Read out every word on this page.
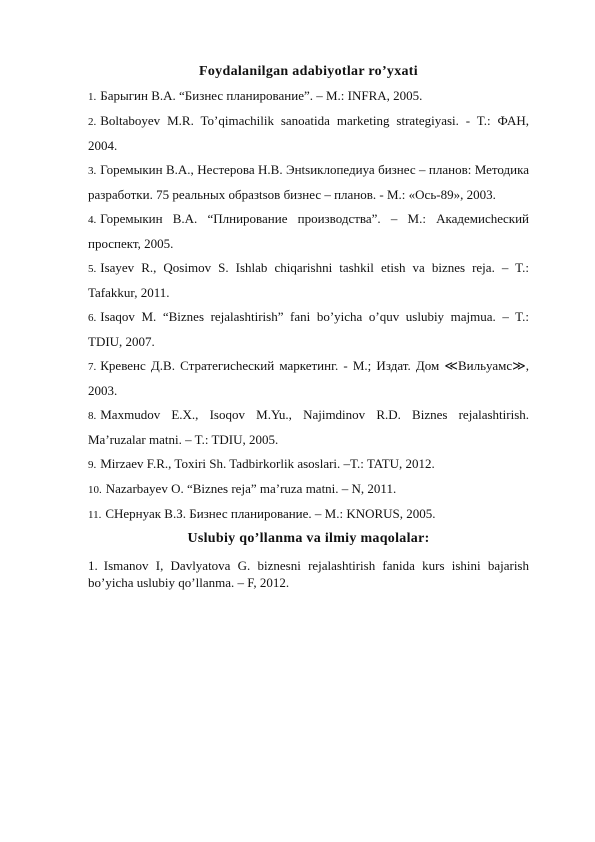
Foydalanilgan adabiyotlar ro’yxati
1. Барыгин В.А. “Бизнес планирование”. – М.: INFRA, 2005.
2. Boltaboyev M.R. To’qimachilik sanoatida marketing strategiyasi. - T.: ФАН, 2004.
3. Горемыкин В.А., Нестерова Н.В. Энtsиклопедиуа бизнес – планов: Методика разработки. 75 реальных образtsов бизнес – планов. - М.: «Ось-89», 2003.
4. Горемыкин В.А. “Плнирование производства”. – М.: Академиcheский проспект, 2005.
5. Isayev R., Qosimov S. Ishlab chiqarishni tashkil etish va biznes reja. – T.: Tafakkur, 2011.
6. Isaqov M. “Biznes rejalashtirish” fani bo’yicha o’quv uslubiy majmua. – T.: TDIU, 2007.
7. Кревенс Д.В. Стратегиcheский маркетинг. - М.; Издат. Дом ≪Вильуамс≫, 2003.
8. Maxmudov E.X., Isoqov M.Yu., Najimdinov R.D. Biznes rejalashtirish. Ma’ruzalar matni. – T.: TDIU, 2005.
9. Mirzaev F.R., Toxiri Sh. Tadbirkorlik asoslari. –T.: TATU, 2012.
10. Nazarbayev O. “Biznes reja” ma’ruza matni. – N, 2011.
11. CHернуак В.З. Бизнес планирование. – М.: KNORUS, 2005.
Uslubiy qo’llanma va ilmiy maqolalar:
1. Ismanov I, Davlyatova G. biznesni rejalashtirish fanida kurs ishini bajarish bo’yicha uslubiy qo’llanma. – F, 2012.
